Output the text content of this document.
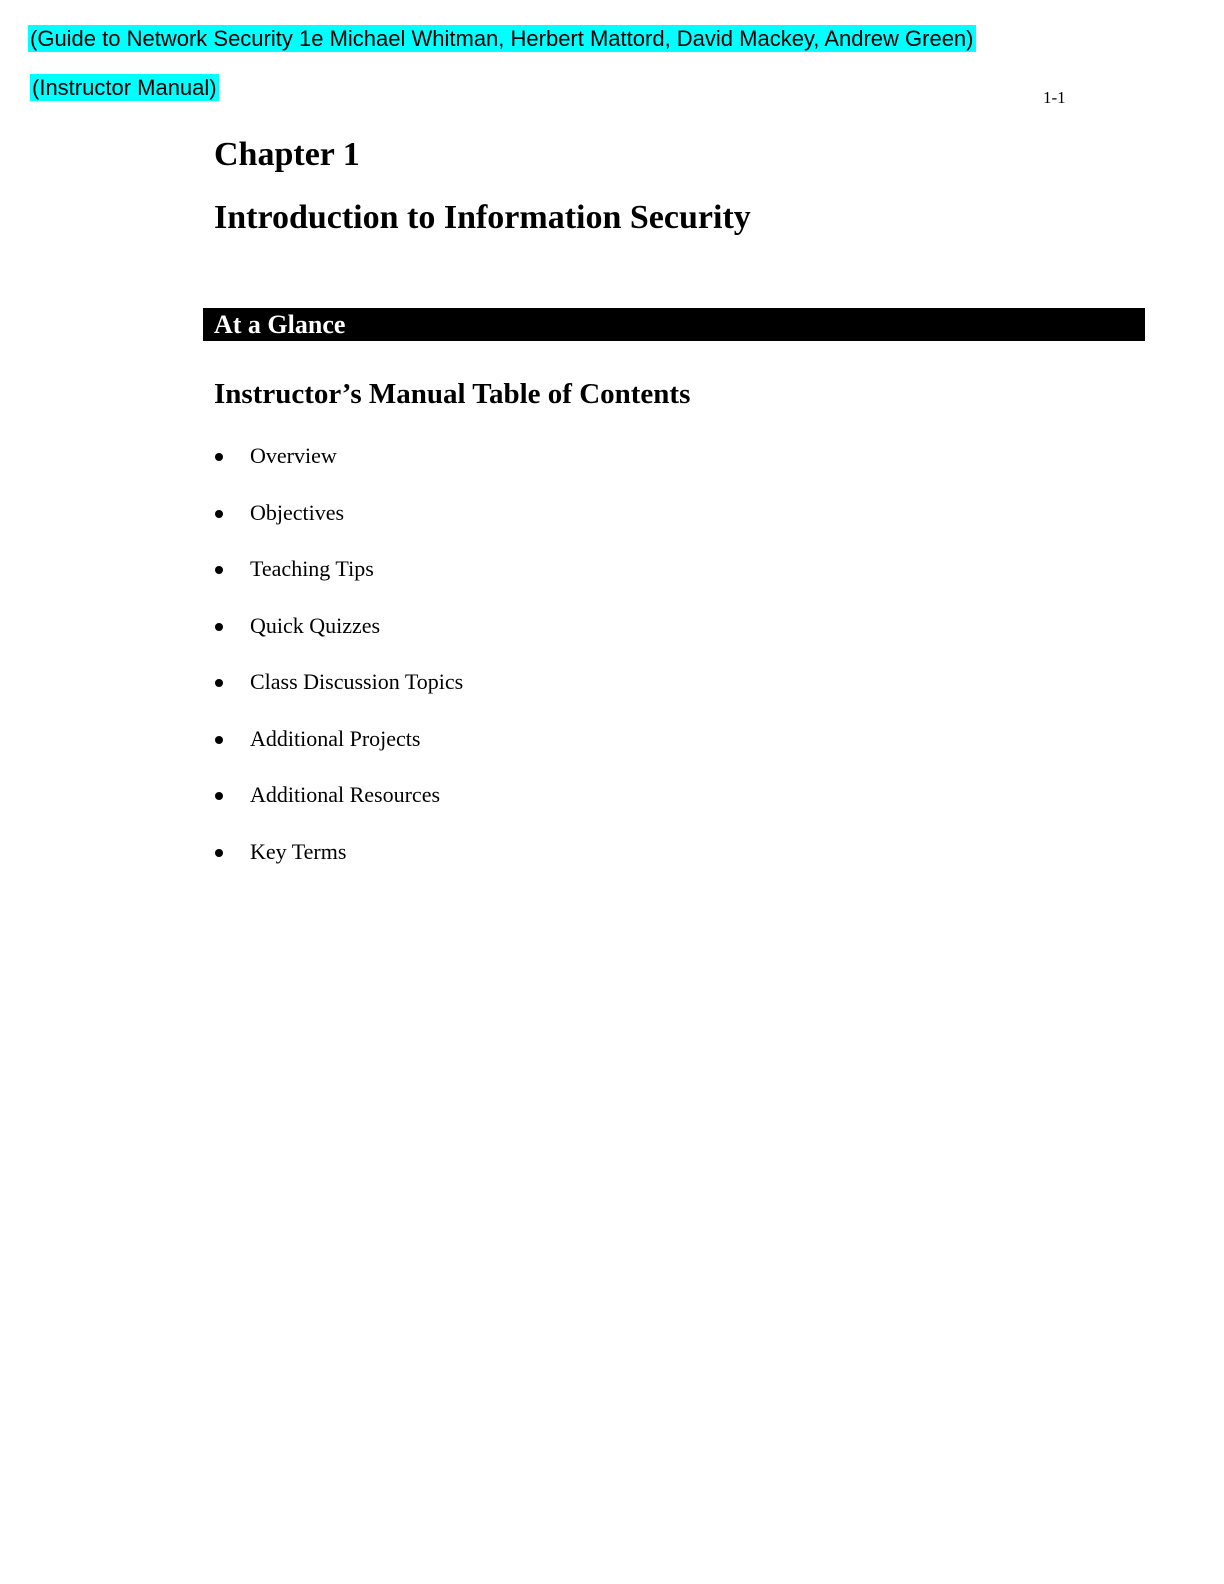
(Guide to Network Security 1e Michael Whitman, Herbert Mattord, David Mackey, Andrew Green)
(Instructor Manual)	1-1
Chapter 1
Introduction to Information Security
At a Glance
Instructor’s Manual Table of Contents
Overview
Objectives
Teaching Tips
Quick Quizzes
Class Discussion Topics
Additional Projects
Additional Resources
Key Terms
